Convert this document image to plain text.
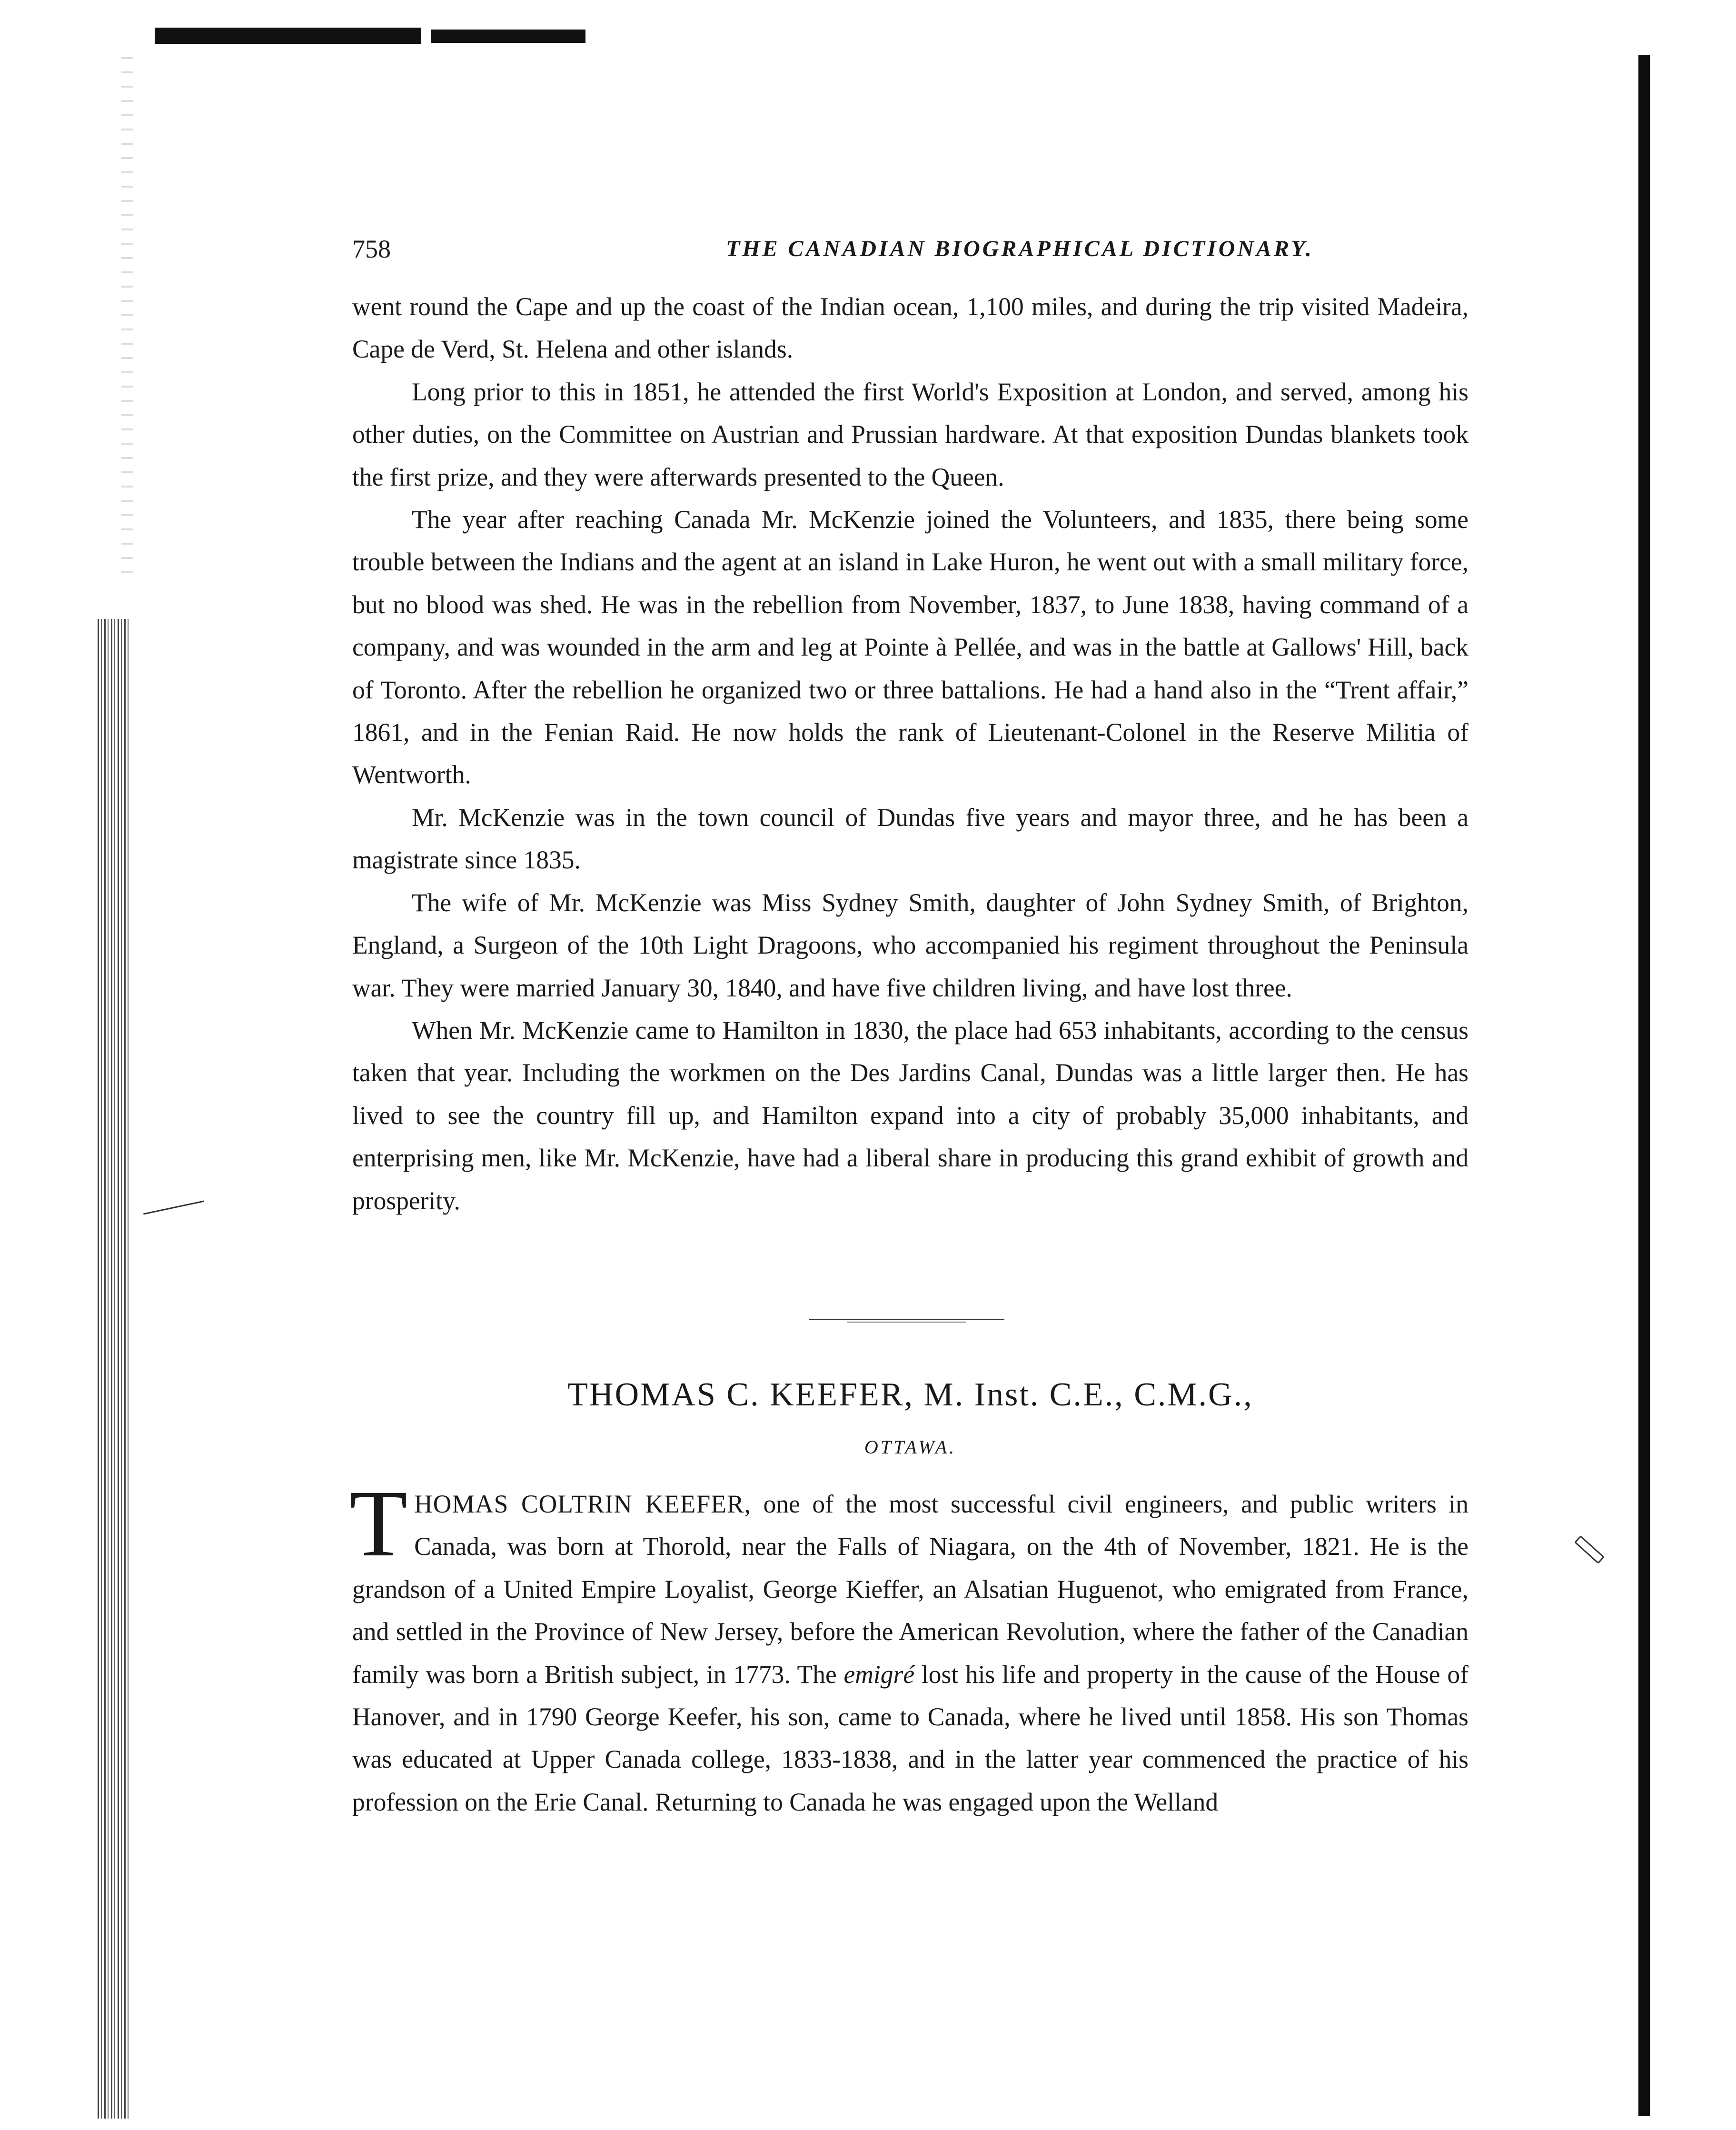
758	THE CANADIAN BIOGRAPHICAL DICTIONARY.

went round the Cape and up the coast of the Indian ocean, 1,100 miles, and during the trip visited Madeira, Cape de Verd, St. Helena and other islands.

Long prior to this in 1851, he attended the first World's Exposition at London, and served, among his other duties, on the Committee on Austrian and Prussian hardware. At that exposition Dundas blankets took the first prize, and they were afterwards presented to the Queen.

The year after reaching Canada Mr. McKenzie joined the Volunteers, and 1835, there being some trouble between the Indians and the agent at an island in Lake Huron, he went out with a small military force, but no blood was shed. He was in the rebellion from November, 1837, to June 1838, having command of a company, and was wounded in the arm and leg at Pointe à Pellée, and was in the battle at Gallows' Hill, back of Toronto. After the rebellion he organized two or three battalions. He had a hand also in the “Trent affair,” 1861, and in the Fenian Raid. He now holds the rank of Lieutenant-Colonel in the Reserve Militia of Wentworth.

Mr. McKenzie was in the town council of Dundas five years and mayor three, and he has been a magistrate since 1835.

The wife of Mr. McKenzie was Miss Sydney Smith, daughter of John Sydney Smith, of Brighton, England, a Surgeon of the 10th Light Dragoons, who accompanied his regiment throughout the Peninsula war. They were married January 30, 1840, and have five children living, and have lost three.

When Mr. McKenzie came to Hamilton in 1830, the place had 653 inhabitants, according to the census taken that year. Including the workmen on the Des Jardins Canal, Dundas was a little larger then. He has lived to see the country fill up, and Hamilton expand into a city of probably 35,000 inhabitants, and enterprising men, like Mr. McKenzie, have had a liberal share in producing this grand exhibit of growth and prosperity.

THOMAS C. KEEFER, M. Inst. C.E., C.M.G.,
OTTAWA.

THOMAS COLTRIN KEEFER, one of the most successful civil engineers, and public writers in Canada, was born at Thorold, near the Falls of Niagara, on the 4th of November, 1821. He is the grandson of a United Empire Loyalist, George Kieffer, an Alsatian Huguenot, who emigrated from France, and settled in the Province of New Jersey, before the American Revolution, where the father of the Canadian family was born a British subject, in 1773. The emigré lost his life and property in the cause of the House of Hanover, and in 1790 George Keefer, his son, came to Canada, where he lived until 1858. His son Thomas was educated at Upper Canada college, 1833-1838, and in the latter year commenced the practice of his profession on the Erie Canal. Returning to Canada he was engaged upon the Welland
